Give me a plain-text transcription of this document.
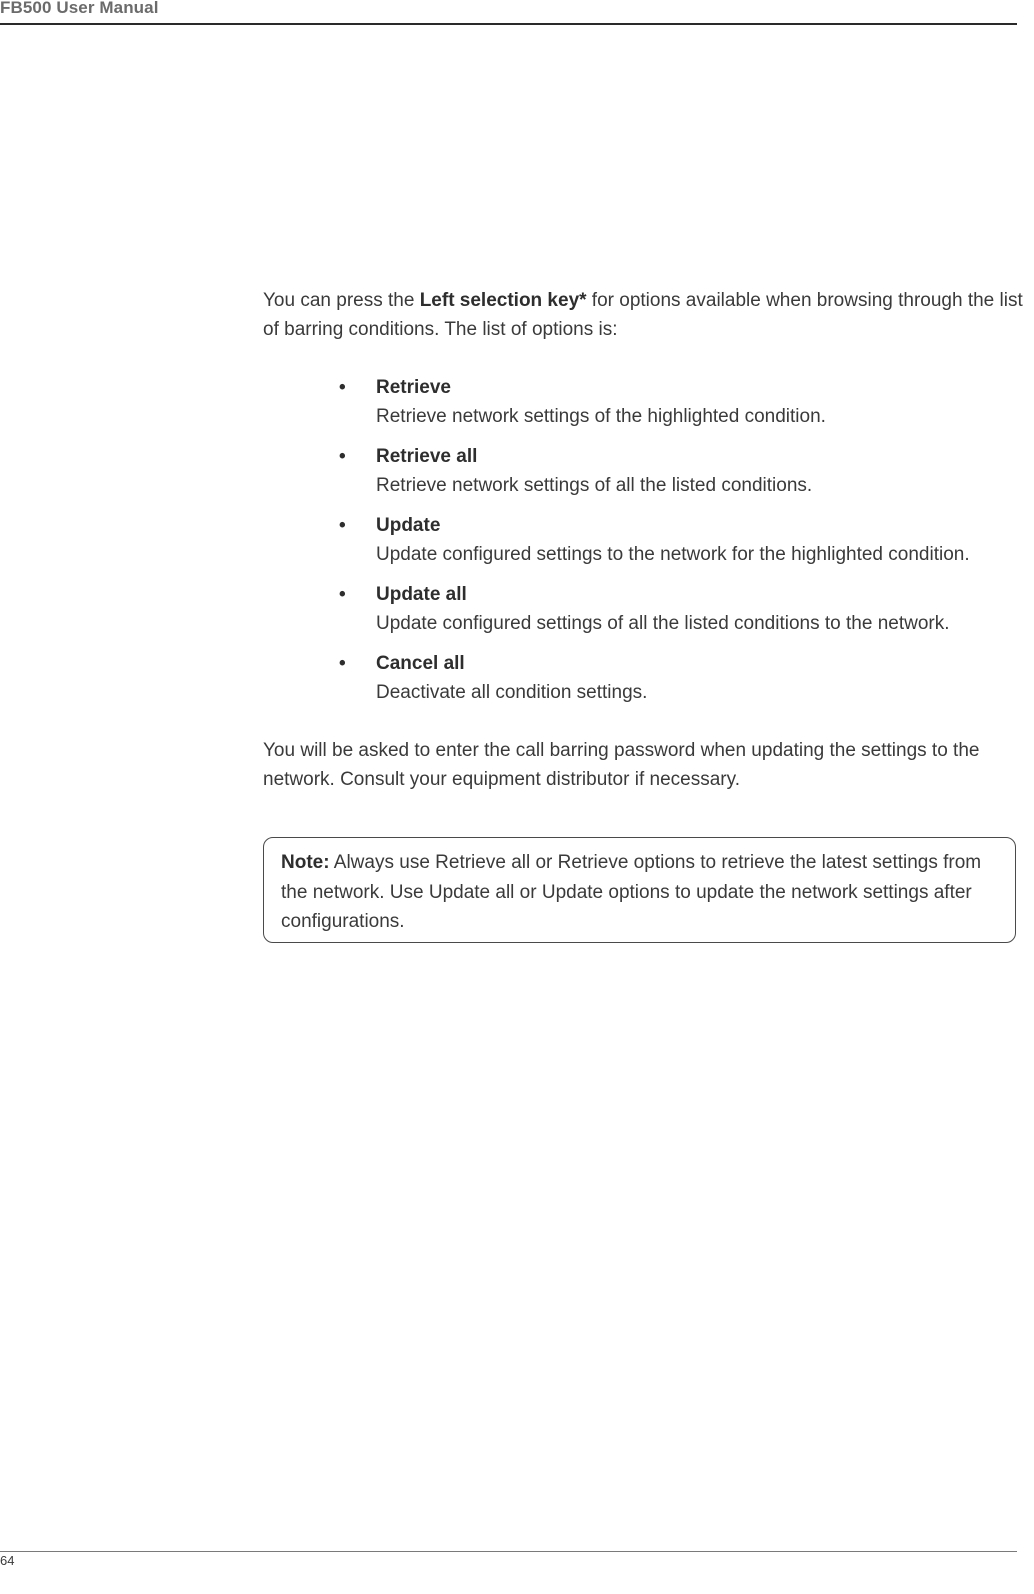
FB500 User Manual

You can press the Left selection key* for options available when browsing through the list of barring conditions. The list of options is:

• Retrieve
Retrieve network settings of the highlighted condition.
• Retrieve all
Retrieve network settings of all the listed conditions.
• Update
Update configured settings to the network for the highlighted condition.
• Update all
Update configured settings of all the listed conditions to the network.
• Cancel all
Deactivate all condition settings.

You will be asked to enter the call barring password when updating the settings to the network. Consult your equipment distributor if necessary.

Note: Always use Retrieve all or Retrieve options to retrieve the latest settings from the network. Use Update all or Update options to update the network settings after configurations.
64
